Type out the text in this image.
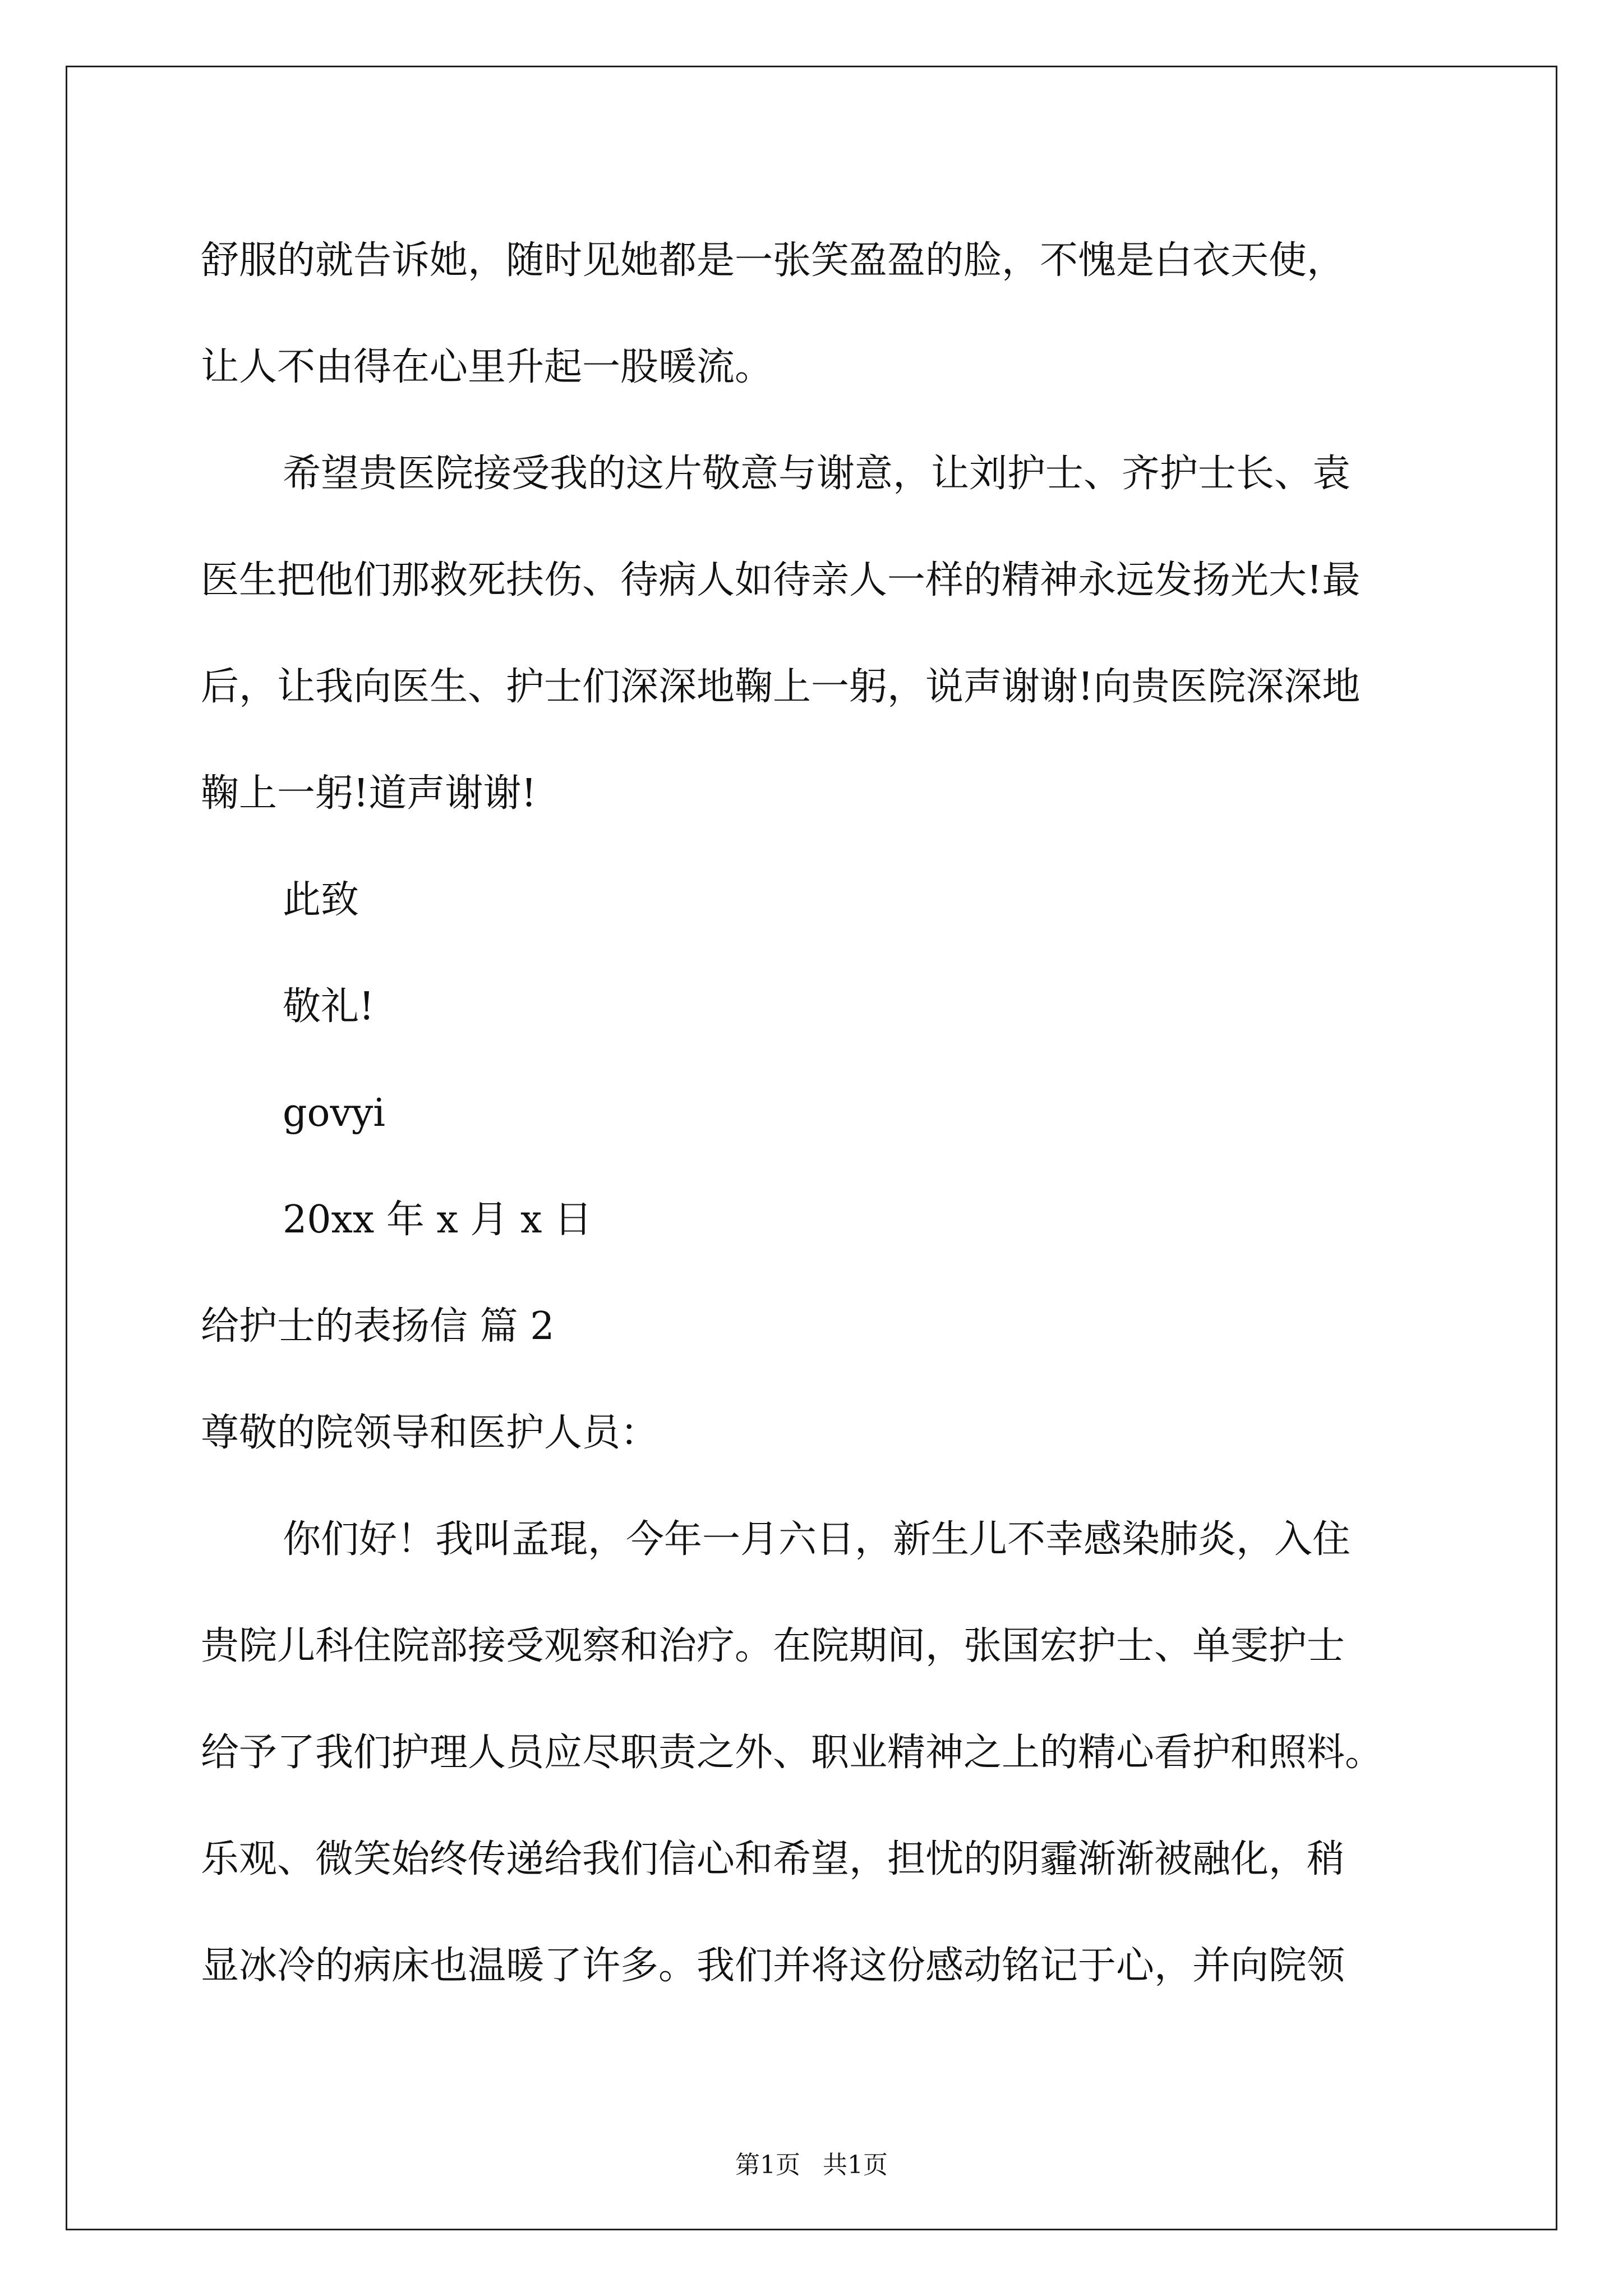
舒服的就告诉她，随时见她都是一张笑盈盈的脸，不愧是白衣天使，
让人不由得在心里升起一股暖流。
希望贵医院接受我的这片敬意与谢意，让刘护士、齐护士长、袁
医生把他们那救死扶伤、待病人如待亲人一样的精神永远发扬光大!最
后，让我向医生、护士们深深地鞠上一躬，说声谢谢!向贵医院深深地
鞠上一躬!道声谢谢!
此致
敬礼!
govyi
20xx 年 x 月 x 日
给护士的表扬信 篇 2
尊敬的院领导和医护人员：
你们好！我叫孟琨，今年一月六日，新生儿不幸感染肺炎，入住
贵院儿科住院部接受观察和治疗。在院期间，张国宏护士、单雯护士
给予了我们护理人员应尽职责之外、职业精神之上的精心看护和照料。
乐观、微笑始终传递给我们信心和希望，担忧的阴霾渐渐被融化，稍
显冰冷的病床也温暖了许多。我们并将这份感动铭记于心，并向院领
第1页 共1页
